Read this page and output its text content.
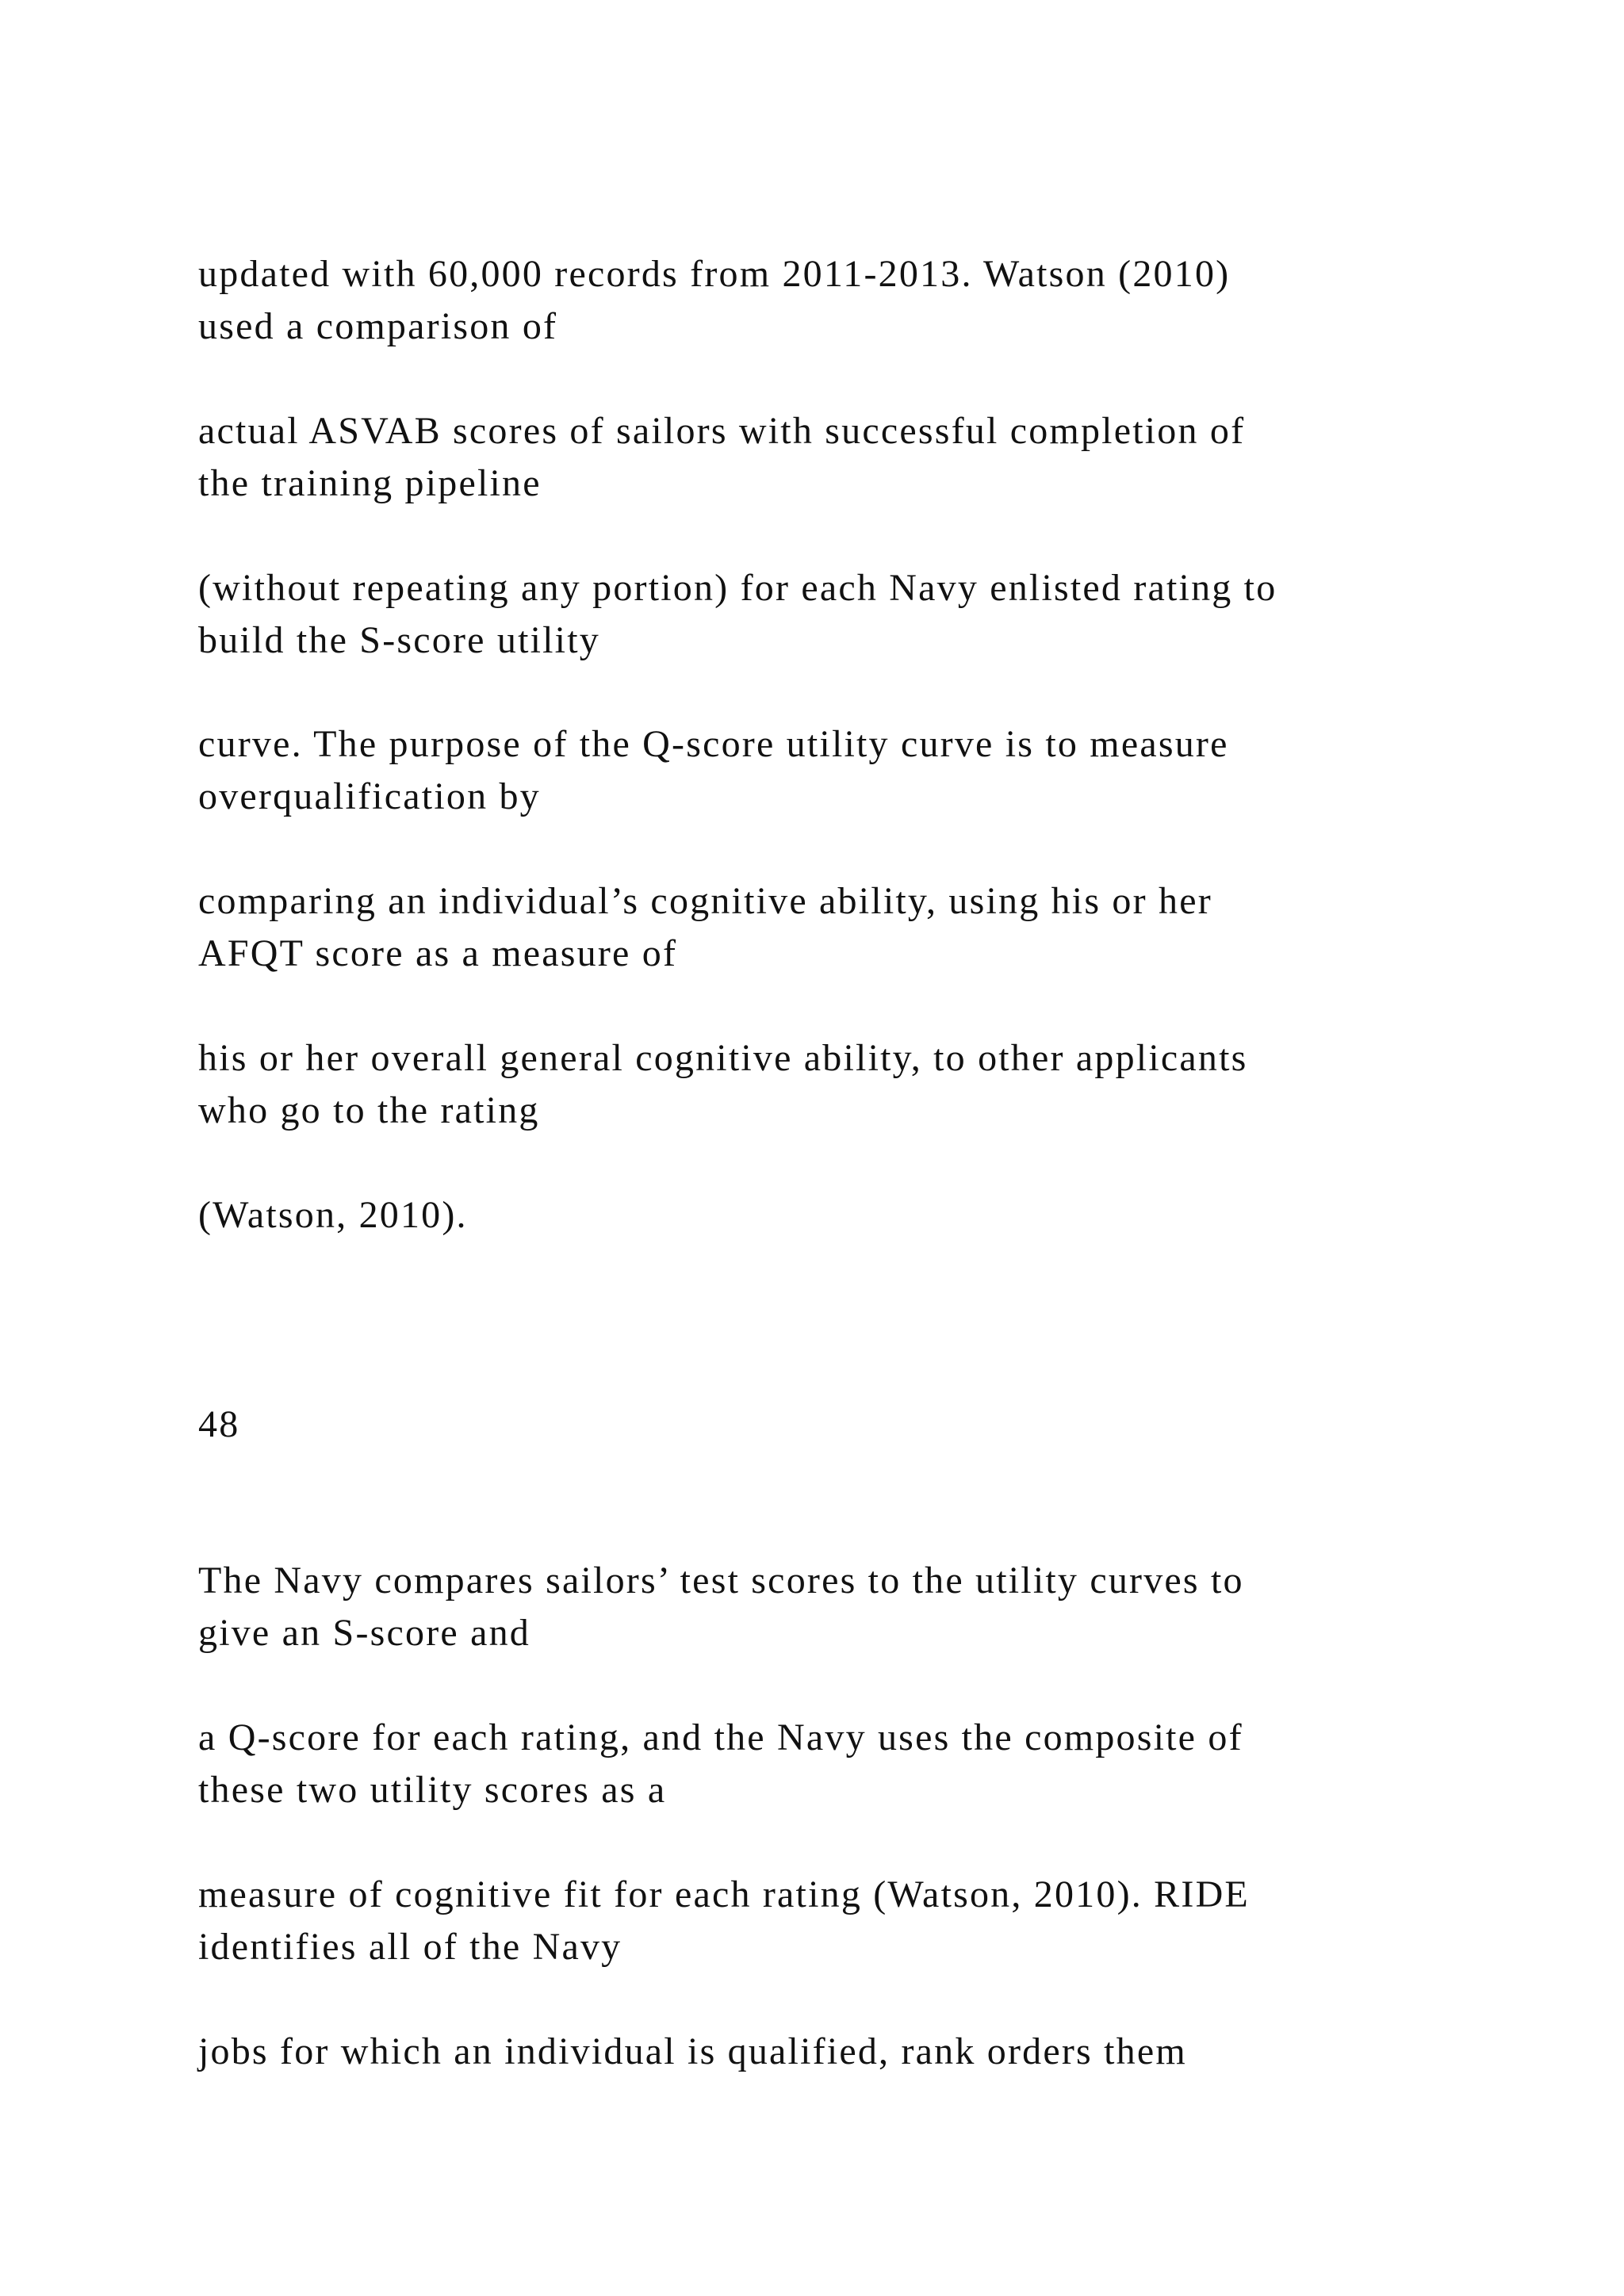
updated with 60,000 records from 2011-2013. Watson (2010)
used a comparison of
actual ASVAB scores of sailors with successful completion of
the training pipeline
(without repeating any portion) for each Navy enlisted rating to
build the S-score utility
curve. The purpose of the Q-score utility curve is to measure
overqualification by
comparing an individual’s cognitive ability, using his or her
AFQT score as a measure of
his or her overall general cognitive ability, to other applicants
who go to the rating
(Watson, 2010).
48
The Navy compares sailors’ test scores to the utility curves to
give an S-score and
a Q-score for each rating, and the Navy uses the composite of
these two utility scores as a
measure of cognitive fit for each rating (Watson, 2010). RIDE
identifies all of the Navy
jobs for which an individual is qualified, rank orders them
